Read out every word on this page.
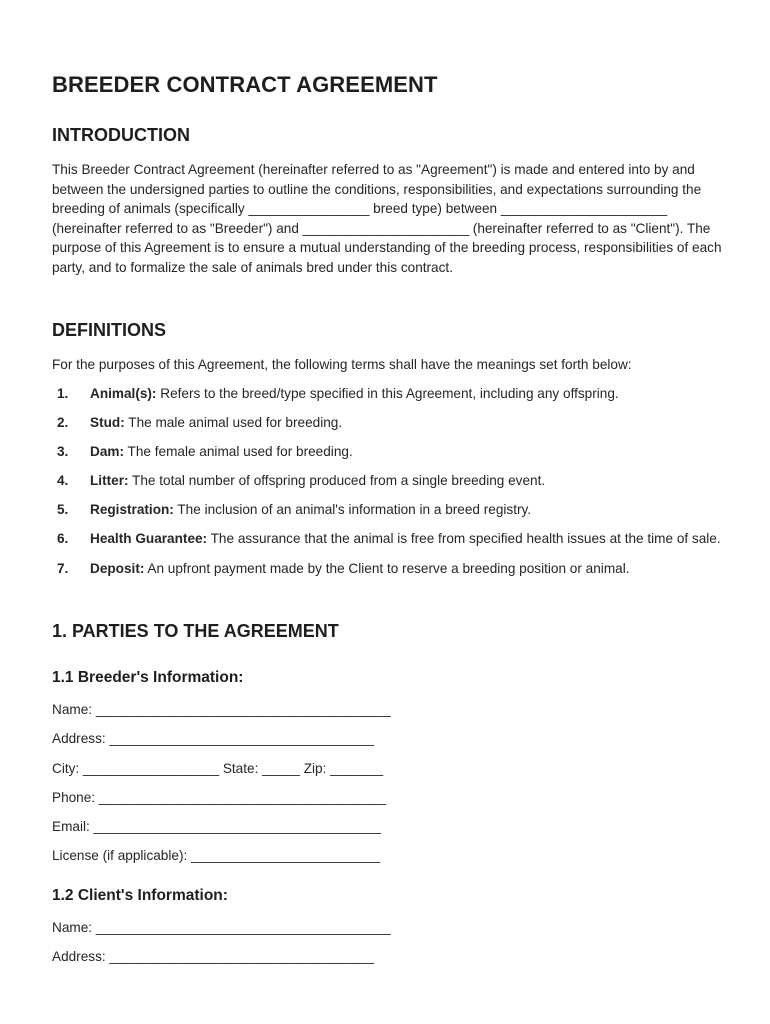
BREEDER CONTRACT AGREEMENT
INTRODUCTION

This Breeder Contract Agreement (hereinafter referred to as "Agreement") is made and entered into by and between the undersigned parties to outline the conditions, responsibilities, and expectations surrounding the breeding of animals (specifically ________________ breed type) between ______________________ (hereinafter referred to as "Breeder") and ______________________ (hereinafter referred to as "Client"). The purpose of this Agreement is to ensure a mutual understanding of the breeding process, responsibilities of each party, and to formalize the sale of animals bred under this contract.

DEFINITIONS

For the purposes of this Agreement, the following terms shall have the meanings set forth below:

1. Animal(s): Refers to the breed/type specified in this Agreement, including any offspring.
2. Stud: The male animal used for breeding.
3. Dam: The female animal used for breeding.
4. Litter: The total number of offspring produced from a single breeding event.
5. Registration: The inclusion of an animal's information in a breed registry.
6. Health Guarantee: The assurance that the animal is free from specified health issues at the time of sale.
7. Deposit: An upfront payment made by the Client to reserve a breeding position or animal.
1. PARTIES TO THE AGREEMENT
1.1 Breeder's Information:
Name: _______________________________________
Address: ___________________________________
City: __________________ State: _____ Zip: _______
Phone: ______________________________________
Email: ______________________________________
License (if applicable): _________________________
1.2 Client's Information:
Name: _______________________________________
Address: ___________________________________
